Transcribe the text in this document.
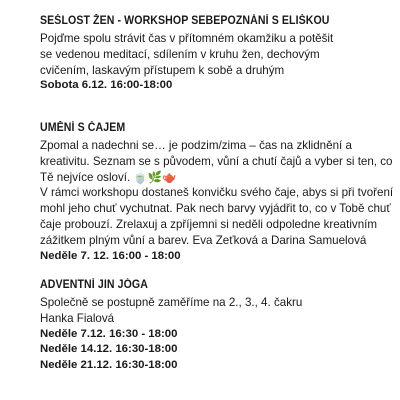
SEŠLOST ŽEN - WORKSHOP SEBEPOZNÁNÍ S ELIŠKOU
Pojďme spolu strávit čas v přítomném okamžiku a potěšit
se vedenou meditací, sdílením v kruhu žen, dechovým
cvičením, laskavým přístupem k sobě a druhým
Sobota 6.12. 16:00-18:00
UMĚNÍ S ČAJEM
Zpomal a nadechni se… je podzim/zima – čas na zklidnění a
kreativitu. Seznam se s původem, vůní a chutí čajů a vyber si ten, co
Tě nejvíce osloví. 🍵🌿🫖
V rámci workshopu dostaneš konvičku svého čaje, abys si při tvoření
mohl jeho chuť vychutnat. Pak nech barvy vyjádřit to, co v Tobě chuť
čaje probouzí. Zrelaxuj a zpříjemni si neděli odpoledne kreativním
zážitkem plným vůní a barev. Eva Zeťková a Darina Samuelová
Neděle 7. 12. 16:00 - 18:00
ADVENTNÍ JIN JÓGA
Společně se postupně zaměříme na 2., 3., 4. čakru
Hanka Fialová
Neděle 7.12. 16:30 - 18:00
Neděle 14.12. 16:30-18:00
Neděle 21.12. 16:30-18:00
